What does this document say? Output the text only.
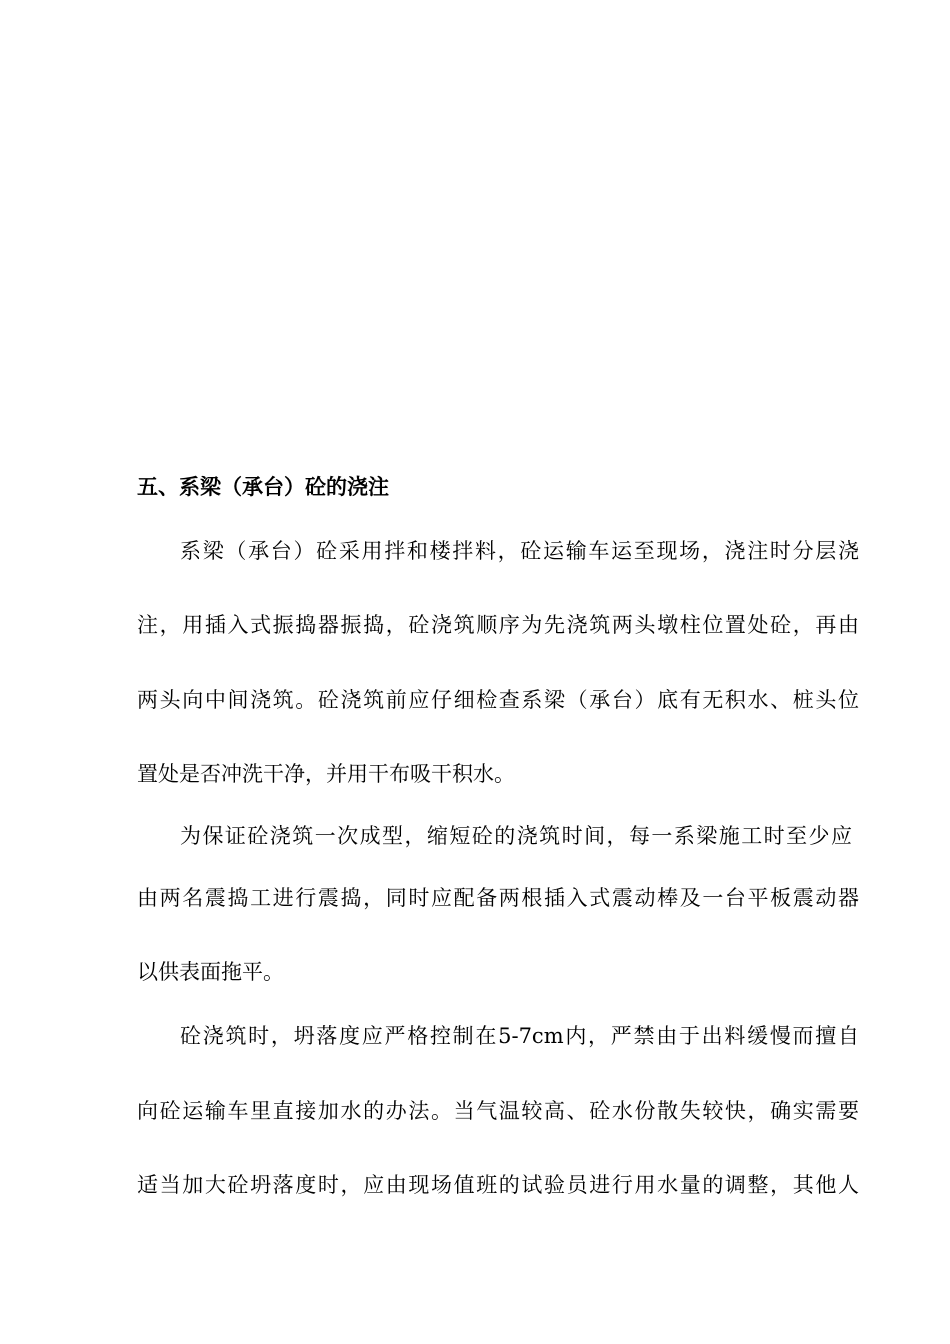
五、系梁（承台）砼的浇注
系梁（承台）砼采用拌和楼拌料，砼运输车运至现场，浇注时分层浇
注，用插入式振捣器振捣，砼浇筑顺序为先浇筑两头墩柱位置处砼，再由
两头向中间浇筑。砼浇筑前应仔细检查系梁（承台）底有无积水、桩头位
置处是否冲洗干净，并用干布吸干积水。
为保证砼浇筑一次成型，缩短砼的浇筑时间，每一系梁施工时至少应
由两名震捣工进行震捣，同时应配备两根插入式震动棒及一台平板震动器
以供表面拖平。
砼浇筑时，坍落度应严格控制在5-7cm内，严禁由于出料缓慢而擅自
向砼运输车里直接加水的办法。当气温较高、砼水份散失较快，确实需要
适当加大砼坍落度时，应由现场值班的试验员进行用水量的调整，其他人
